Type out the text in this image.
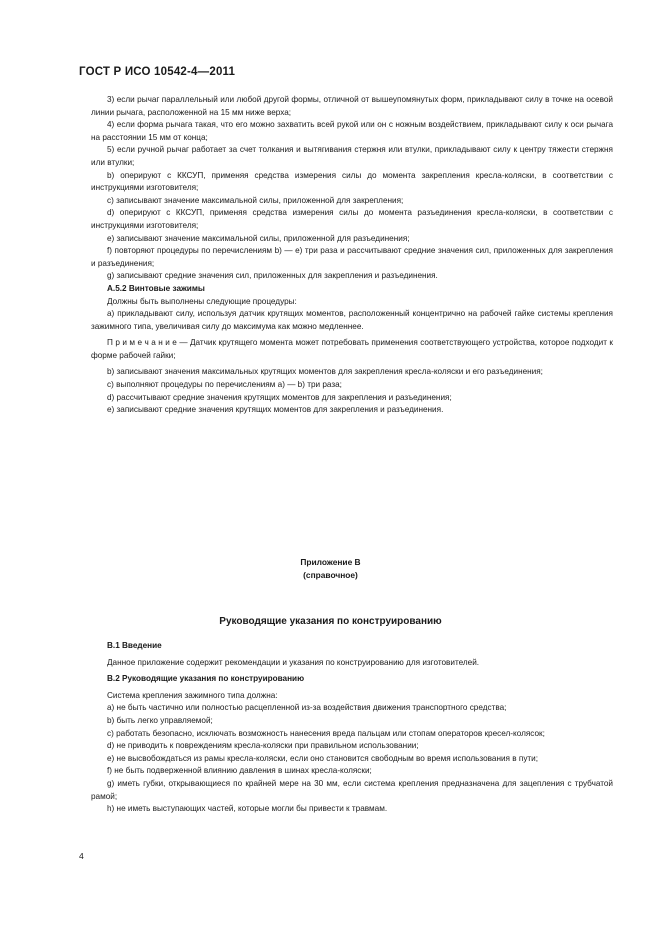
ГОСТ Р ИСО 10542-4—2011
3) если рычаг параллельный или любой другой формы, отличной от вышеупомянутых форм, прикладывают силу в точке на осевой линии рычага, расположенной на 15 мм ниже верха;
4) если форма рычага такая, что его можно захватить всей рукой или он с ножным воздействием, прикладывают силу к оси рычага на расстоянии 15 мм от конца;
5) если ручной рычаг работает за счет толкания и вытягивания стержня или втулки, прикладывают силу к центру тяжести стержня или втулки;
b) оперируют с ККСУП, применяя средства измерения силы до момента закрепления кресла-коляски, в соответствии с инструкциями изготовителя;
c) записывают значение максимальной силы, приложенной для закрепления;
d) оперируют с ККСУП, применяя средства измерения силы до момента разъединения кресла-коляски, в соответствии с инструкциями изготовителя;
e) записывают значение максимальной силы, приложенной для разъединения;
f) повторяют процедуры по перечислениям b) — e) три раза и рассчитывают средние значения сил, приложенных для закрепления и разъединения;
g) записывают средние значения сил, приложенных для закрепления и разъединения.
А.5.2 Винтовые зажимы
Должны быть выполнены следующие процедуры:
a) прикладывают силу, используя датчик крутящих моментов, расположенный концентрично на рабочей гайке системы крепления зажимного типа, увеличивая силу до максимума как можно медленнее.
П р и м е ч а н и е — Датчик крутящего момента может потребовать применения соответствующего устройства, которое подходит к форме рабочей гайки;
b) записывают значения максимальных крутящих моментов для закрепления кресла-коляски и его разъединения;
c) выполняют процедуры по перечислениям a) — b) три раза;
d) рассчитывают средние значения крутящих моментов для закрепления и разъединения;
e) записывают средние значения крутящих моментов для закрепления и разъединения.
Приложение В
(справочное)
Руководящие указания по конструированию
В.1 Введение
Данное приложение содержит рекомендации и указания по конструированию для изготовителей.
В.2 Руководящие указания по конструированию
Система крепления зажимного типа должна:
a) не быть частично или полностью расцепленной из-за воздействия движения транспортного средства;
b) быть легко управляемой;
c) работать безопасно, исключать возможность нанесения вреда пальцам или стопам операторов кресел-колясок;
d) не приводить к повреждениям кресла-коляски при правильном использовании;
e) не высвобождаться из рамы кресла-коляски, если оно становится свободным во время использования в пути;
f) не быть подверженной влиянию давления в шинах кресла-коляски;
g) иметь губки, открывающиеся по крайней мере на 30 мм, если система крепления предназначена для зацепления с трубчатой рамой;
h) не иметь выступающих частей, которые могли бы привести к травмам.
4
